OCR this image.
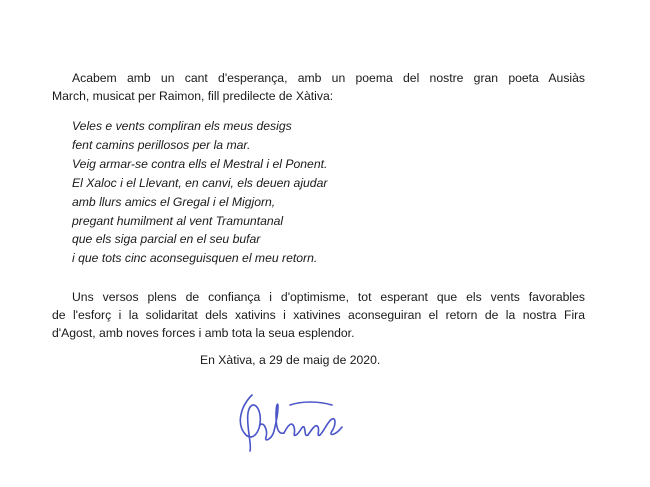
Acabem amb un cant d'esperança, amb un poema del nostre gran poeta Ausiàs
March, musicat per Raimon, fill predilecte de Xàtiva:

Veles e vents compliran els meus desigs
fent camins perillosos per la mar.
Veig armar-se contra ells el Mestral i el Ponent.
El Xaloc i el Llevant, en canvi, els deuen ajudar
amb llurs amics el Gregal i el Migjorn,
pregant humilment al vent Tramuntanal
que els siga parcial en el seu bufar
i que tots cinc aconseguisquen el meu retorn.

Uns versos plens de confiança i d'optimisme, tot esperant que els vents favorables
de l'esforç i la solidaritat dels xativins i xativines aconseguiran el retorn de la nostra Fira
d'Agost, amb noves forces i amb tota la seua esplendor.

En Xàtiva, a 29 de maig de 2020.
